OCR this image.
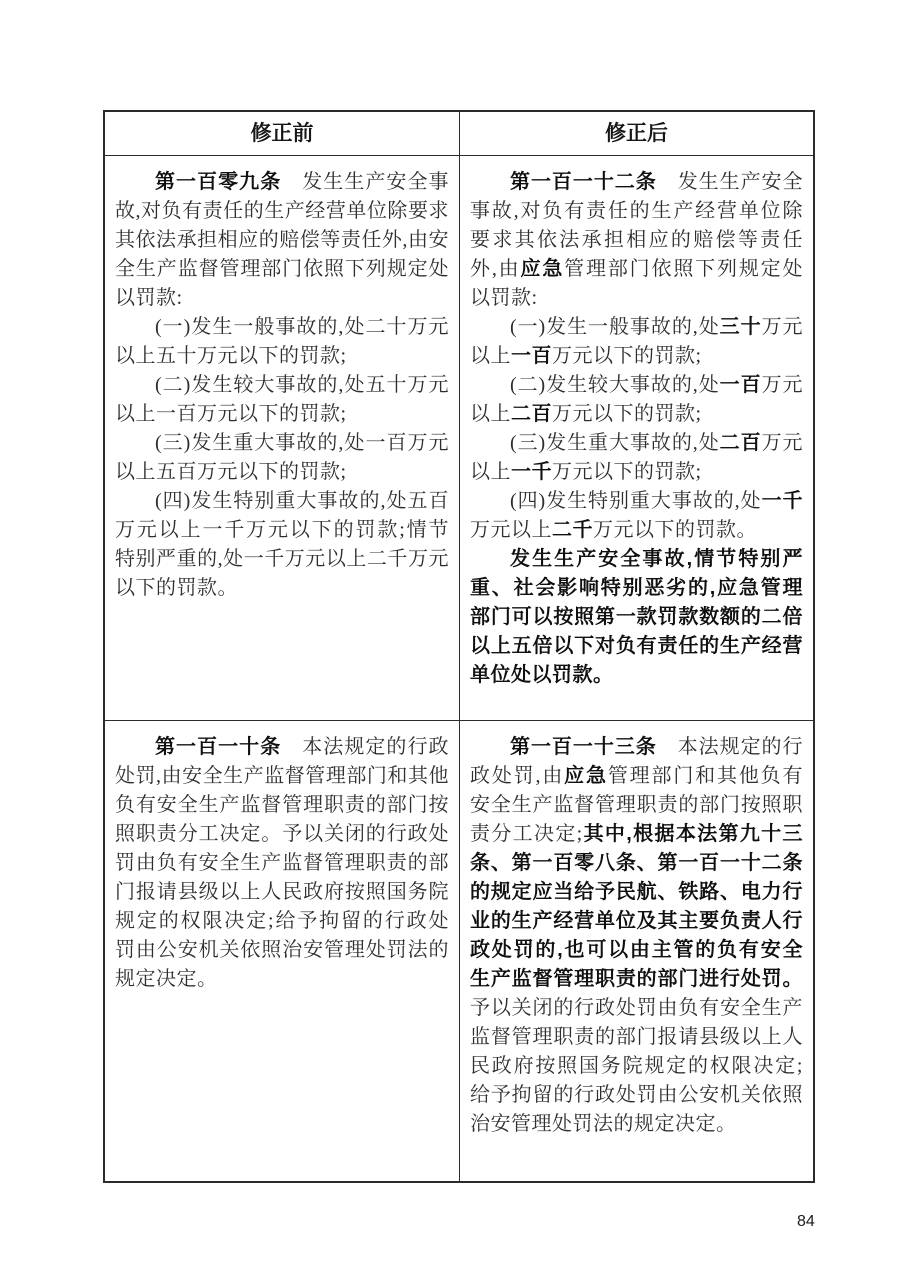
修正前	修正后

第一百零九条　发生生产安全事故,对负有责任的生产经营单位除要求其依法承担相应的赔偿等责任外,由安全生产监督管理部门依照下列规定处以罚款:

(一)发生一般事故的,处二十万元以上五十万元以下的罚款;

(二)发生较大事故的,处五十万元以上一百万元以下的罚款;

(三)发生重大事故的,处一百万元以上五百万元以下的罚款;

(四)发生特别重大事故的,处五百万元以上一千万元以下的罚款;情节特别严重的,处一千万元以上二千万元以下的罚款。

第一百一十二条　发生生产安全事故,对负有责任的生产经营单位除要求其依法承担相应的赔偿等责任外,由应急管理部门依照下列规定处以罚款:

(一)发生一般事故的,处三十万元以上一百万元以下的罚款;

(二)发生较大事故的,处一百万元以上二百万元以下的罚款;

(三)发生重大事故的,处二百万元以上一千万元以下的罚款;

(四)发生特别重大事故的,处一千万元以上二千万元以下的罚款。

发生生产安全事故,情节特别严重、社会影响特别恶劣的,应急管理部门可以按照第一款罚款数额的二倍以上五倍以下对负有责任的生产经营单位处以罚款。

第一百一十条　本法规定的行政处罚,由安全生产监督管理部门和其他负有安全生产监督管理职责的部门按照职责分工决定。予以关闭的行政处罚由负有安全生产监督管理职责的部门报请县级以上人民政府按照国务院规定的权限决定;给予拘留的行政处罚由公安机关依照治安管理处罚法的规定决定。

第一百一十三条　本法规定的行政处罚,由应急管理部门和其他负有安全生产监督管理职责的部门按照职责分工决定;其中,根据本法第九十三条、第一百零八条、第一百一十二条的规定应当给予民航、铁路、电力行业的生产经营单位及其主要负责人行政处罚的,也可以由主管的负有安全生产监督管理职责的部门进行处罚。予以关闭的行政处罚由负有安全生产监督管理职责的部门报请县级以上人民政府按照国务院规定的权限决定;给予拘留的行政处罚由公安机关依照治安管理处罚法的规定决定。

84
